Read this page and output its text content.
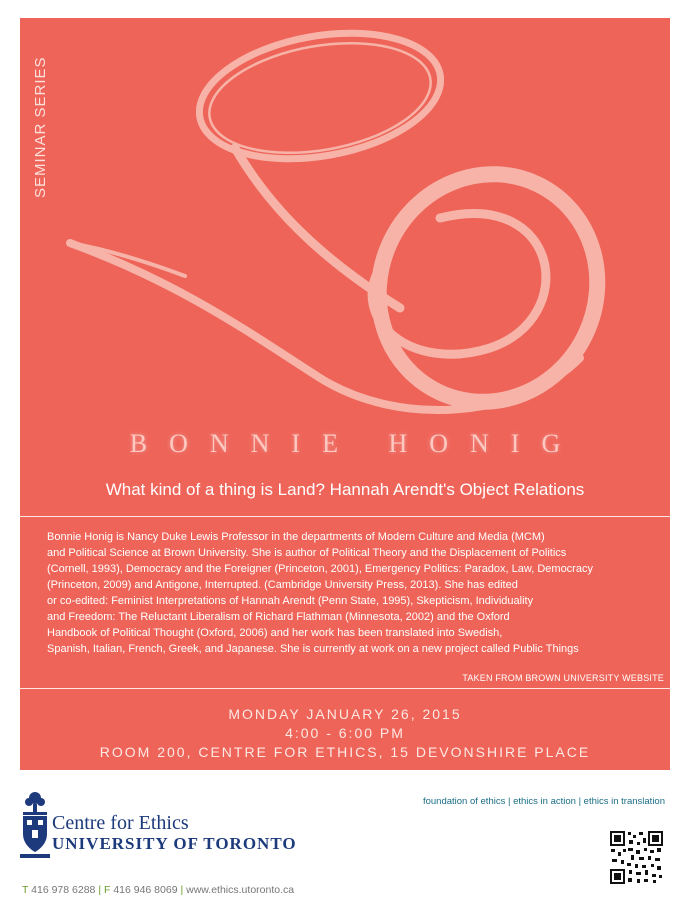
SEMINAR SERIES
BONNIE HONIG
What kind of a thing is Land? Hannah Arendt's Object Relations

Bonnie Honig is Nancy Duke Lewis Professor in the departments of Modern Culture and Media (MCM)
and Political Science at Brown University. She is author of Political Theory and the Displacement of Politics
(Cornell, 1993), Democracy and the Foreigner (Princeton, 2001), Emergency Politics: Paradox, Law, Democracy
(Princeton, 2009) and Antigone, Interrupted. (Cambridge University Press, 2013). She has edited
or co-edited: Feminist Interpretations of Hannah Arendt (Penn State, 1995), Skepticism, Individuality
and Freedom: The Reluctant Liberalism of Richard Flathman (Minnesota, 2002) and the Oxford
Handbook of Political Thought (Oxford, 2006) and her work has been translated into Swedish,
Spanish, Italian, French, Greek, and Japanese. She is currently at work on a new project called Public Things

TAKEN FROM BROWN UNIVERSITY WEBSITE
MONDAY JANUARY 26, 2015
4:00 - 6:00 PM
ROOM 200, CENTRE FOR ETHICS, 15 DEVONSHIRE PLACE
Centre for Ethics
UNIVERSITY OF TORONTO
foundation of ethics | ethics in action | ethics in translation
T 416 978 6288 | F 416 946 8069 | www.ethics.utoronto.ca
